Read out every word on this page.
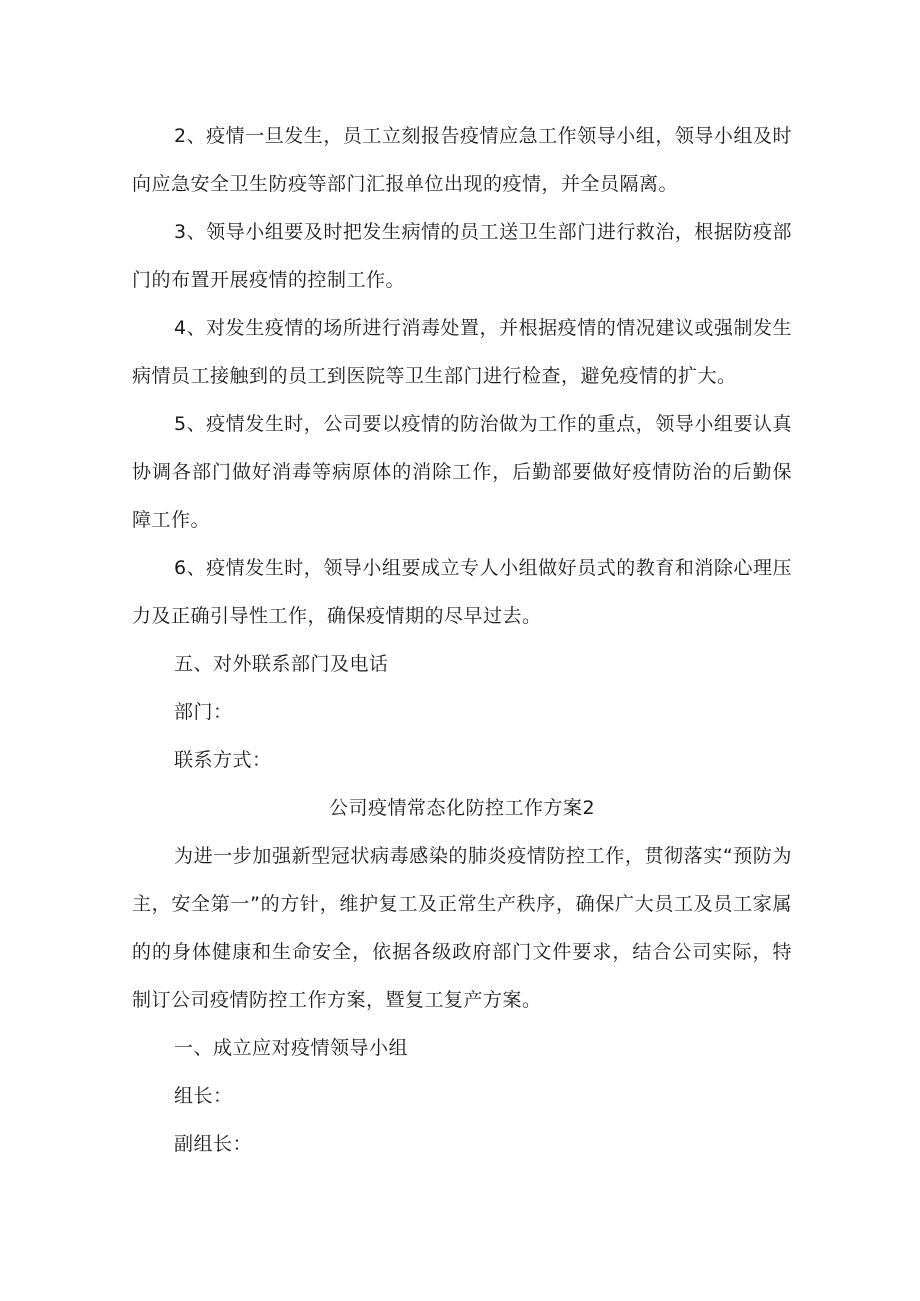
2、疫情一旦发生，员工立刻报告疫情应急工作领导小组，领导小组及时向应急安全卫生防疫等部门汇报单位出现的疫情，并全员隔离。

3、领导小组要及时把发生病情的员工送卫生部门进行救治，根据防疫部门的布置开展疫情的控制工作。

4、对发生疫情的场所进行消毒处置，并根据疫情的情况建议或强制发生病情员工接触到的员工到医院等卫生部门进行检查，避免疫情的扩大。

5、疫情发生时，公司要以疫情的防治做为工作的重点，领导小组要认真协调各部门做好消毒等病原体的消除工作，后勤部要做好疫情防治的后勤保障工作。

6、疫情发生时，领导小组要成立专人小组做好员式的教育和消除心理压力及正确引导性工作，确保疫情期的尽早过去。

五、对外联系部门及电话

部门：

联系方式：

公司疫情常态化防控工作方案2

为进一步加强新型冠状病毒感染的肺炎疫情防控工作，贯彻落实“预防为主，安全第一”的方针，维护复工及正常生产秩序，确保广大员工及员工家属的的身体健康和生命安全，依据各级政府部门文件要求，结合公司实际，特制订公司疫情防控工作方案，暨复工复产方案。

一、成立应对疫情领导小组

组长：

副组长：
